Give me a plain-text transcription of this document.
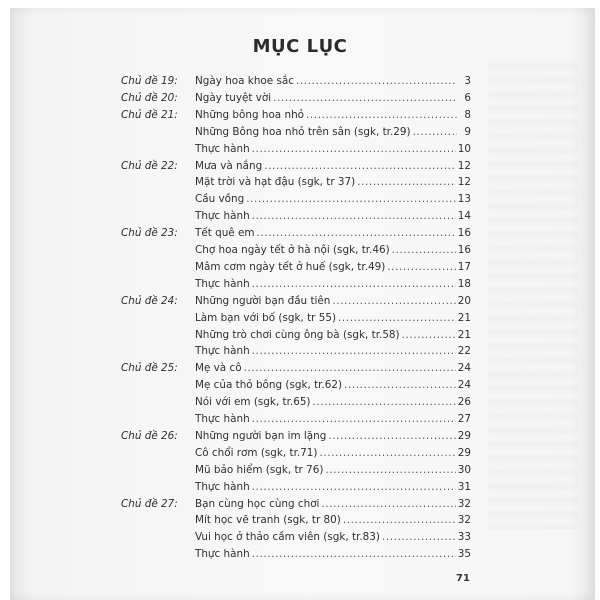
MỤC LỤC
Chủ đề 19:	Ngày hoa khoe sắc .....	3
Chủ đề 20:	Ngày tuyệt vời .....	6
Chủ đề 21:	Những bông hoa nhỏ .....	8
Những Bông hoa nhỏ trên sân (sgk, tr.29) .....	9
Thực hành .....	10
Chủ đề 22:	Mưa và nắng .....	12
Mặt trời và hạt đậu (sgk, tr 37) .....	12
Cầu vồng .....	13
Thực hành .....	14
Chủ đề 23:	Tết quê em .....	16
Chợ hoa ngày tết ở hà nội (sgk, tr.46) .....	16
Mâm cơm ngày tết ở huế (sgk, tr.49) .....	17
Thực hành .....	18
Chủ đề 24:	Những người bạn đầu tiên .....	20
Làm bạn với bố (sgk, tr 55) .....	21
Những trò chơi cùng ông bà (sgk, tr.58) .....	21
Thực hành .....	22
Chủ đề 25:	Mẹ và cô .....	24
Mẹ của thỏ bông (sgk, tr.62) .....	24
Nói với em (sgk, tr.65) .....	26
Thực hành .....	27
Chủ đề 26:	Những người bạn im lặng .....	29
Cô chổi rơm (sgk, tr.71) .....	29
Mũ bảo hiểm (sgk, tr 76) .....	30
Thực hành .....	31
Chủ đề 27:	Bạn cùng học cùng chơi .....	32
Mít học vẽ tranh (sgk, tr 80) .....	32
Vui học ở thảo cầm viên (sgk, tr.83) .....	33
Thực hành .....	35
71
